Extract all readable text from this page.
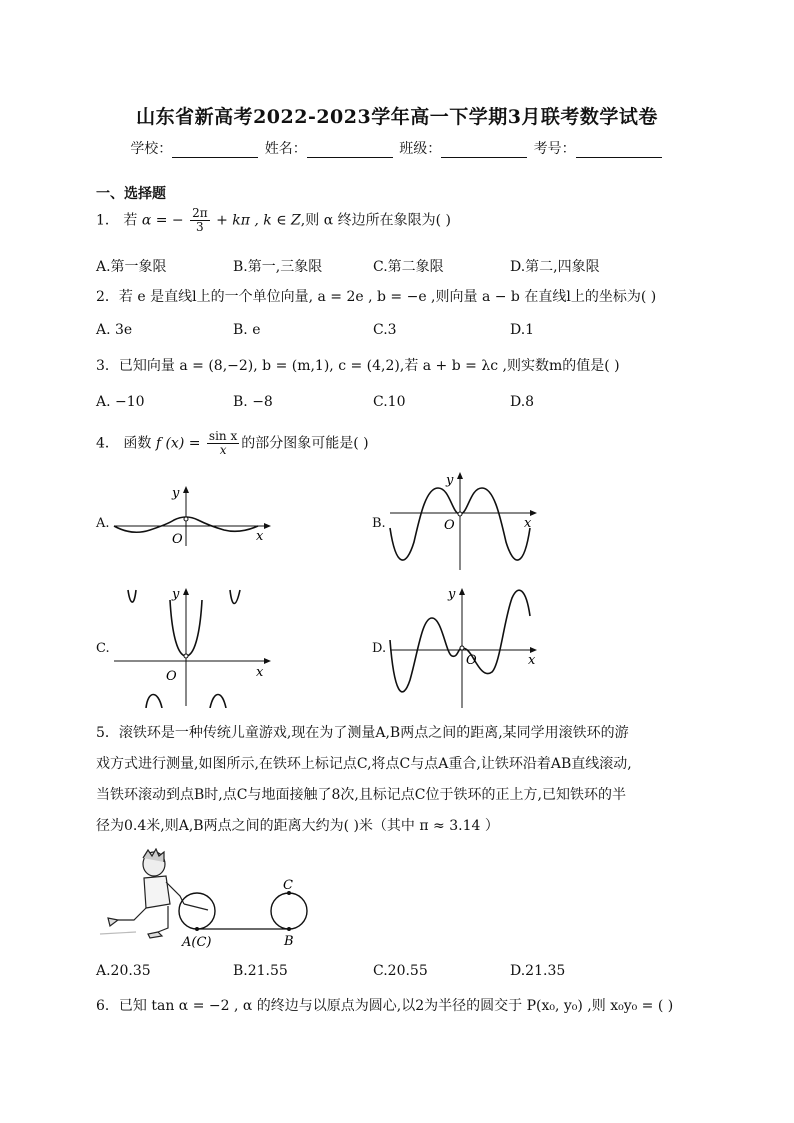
山东省新高考2022-2023学年高一下学期3月联考数学试卷
学校：	姓名：	班级：	考号：
一、选择题
1． 若 α = − $\frac{2\pi}{3} + k\pi$ , k ∈ Z,则 α 终边所在象限为( )
A.第一象限	B.第一,三象限	C.第二象限	D.第二,四象限
2．若 e 是直线l上的一个单位向量, a = 2e , b = −e ,则向量 a − b 在直线l上的坐标为( )
A. 3e	B. e	C.3	D.1
3．已知向量 a = (8,−2), b = (m,1), c = (4,2),若 a + b = λc ,则实数m的值是( )
A. −10	B. −8	C.10	D.8
4． 函数 f $(x) = \frac{\text{sin x}}{x}$ 的部分图象可能是( )
A.
y
O	x
B.
y
O	x
C.
y
O	x
D.
y
O	x
5．滚铁环是一种传统儿童游戏,现在为了测量A,B两点之间的距离,某同学用滚铁环的游
戏方式进行测量,如图所示,在铁环上标记点C,将点C与点A重合,让铁环沿着AB直线滚动,
当铁环滚动到点B时,点C与地面接触了8次,且标记点C位于铁环的正上方,已知铁环的半
径为0.4米,则A,B两点之间的距离大约为( )米（其中 π ≈ 3.14 ）
A(C)	B
C
A.20.35	B.21.55	C.20.55	D.21.35
6．已知 tan α = −2 , α 的终边与以原点为圆心,以2为半径的圆交于 P(x₀, y₀) ,则 x₀y₀ = ( )
